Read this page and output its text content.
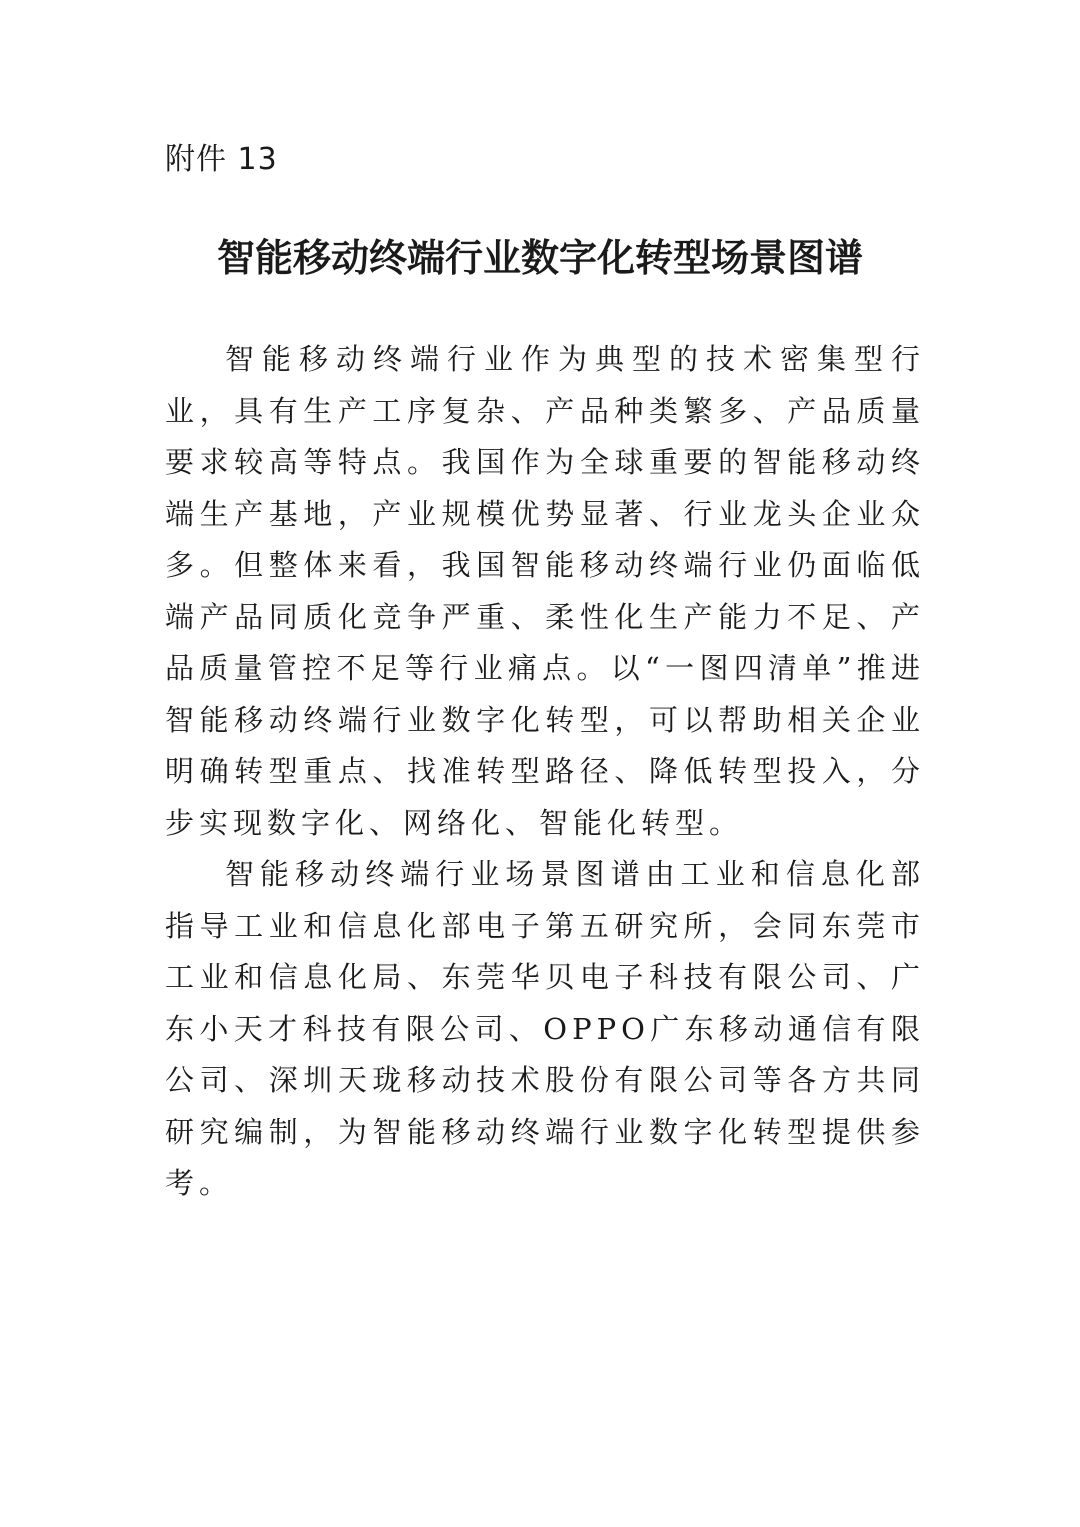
附件 13
智能移动终端行业数字化转型场景图谱

智能移动终端行业作为典型的技术密集型行业，具有生产工序复杂、产品种类繁多、产品质量要求较高等特点。我国作为全球重要的智能移动终端生产基地，产业规模优势显著、行业龙头企业众多。但整体来看，我国智能移动终端行业仍面临低端产品同质化竞争严重、柔性化生产能力不足、产品质量管控不足等行业痛点。以“一图四清单”推进智能移动终端行业数字化转型，可以帮助相关企业明确转型重点、找准转型路径、降低转型投入，分步实现数字化、网络化、智能化转型。

智能移动终端行业场景图谱由工业和信息化部指导工业和信息化部电子第五研究所，会同东莞市工业和信息化局、东莞华贝电子科技有限公司、广东小天才科技有限公司、OPPO广东移动通信有限公司、深圳天珑移动技术股份有限公司等各方共同研究编制，为智能移动终端行业数字化转型提供参考。
